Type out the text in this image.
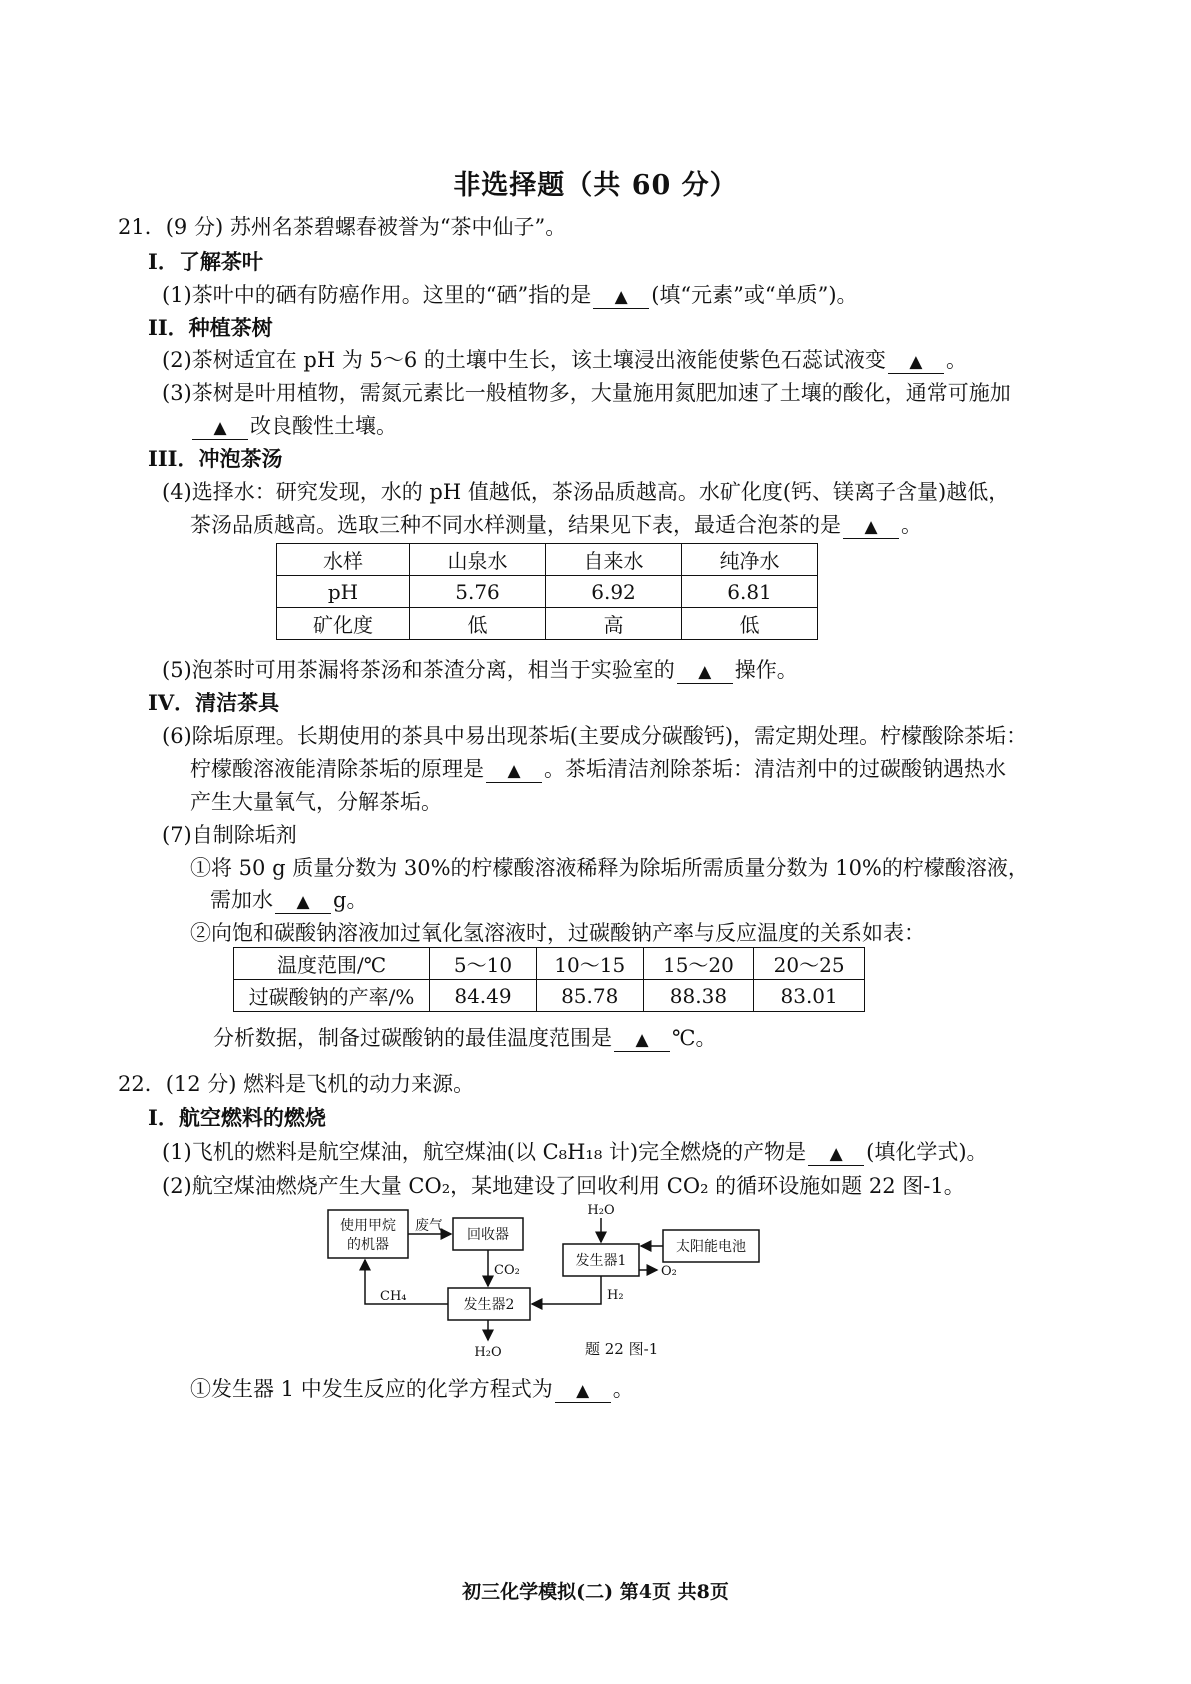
非选择题（共 60 分）
21．(9 分) 苏州名茶碧螺春被誉为“茶中仙子”。
I．了解茶叶
(1)茶叶中的硒有防癌作用。这里的“硒”指的是 ▲	(填“元素”或“单质”)。
II．种植茶树
(2)茶树适宜在 pH 为 5～6 的土壤中生长，该土壤浸出液能使紫色石蕊试液变 ▲	。
(3)茶树是叶用植物，需氮元素比一般植物多，大量施用氮肥加速了土壤的酸化，通常可施加
▲改良酸性土壤。
III．冲泡茶汤
(4)选择水：研究发现，水的 pH 值越低，茶汤品质越高。水矿化度(钙、镁离子含量)越低，
茶汤品质越高。选取三种不同水样测量，结果见下表，最适合泡茶的是 ▲	。
水样	山泉水	自来水	纯净水
pH	5.76	6.92	6.81
矿化度	低	高	低
(5)泡茶时可用茶漏将茶汤和茶渣分离，相当于实验室的 ▲	操作。
IV．清洁茶具
(6)除垢原理。长期使用的茶具中易出现茶垢(主要成分碳酸钙)，需定期处理。柠檬酸除茶垢：
柠檬酸溶液能清除茶垢的原理是 ▲	。茶垢清洁剂除茶垢：清洁剂中的过碳酸钠遇热水
产生大量氧气，分解茶垢。
(7)自制除垢剂
①将 50 g 质量分数为 30%的柠檬酸溶液稀释为除垢所需质量分数为 10%的柠檬酸溶液，
需加水 ▲	g。
②向饱和碳酸钠溶液加过氧化氢溶液时，过碳酸钠产率与反应温度的关系如表：
温度范围/℃	5～10	10～15	15～20	20～25
过碳酸钠的产率/%	84.49	85.78	88.38	83.01
分析数据，制备过碳酸钠的最佳温度范围是 ▲	℃。
22．(12 分) 燃料是飞机的动力来源。
I．航空燃料的燃烧
(1)飞机的燃料是航空煤油，航空煤油(以 C₈H₁₈ 计)完全燃烧的产物是 ▲	(填化学式)。
(2)航空煤油燃烧产生大量 CO₂，某地建设了回收利用 CO₂ 的循环设施如题 22 图-1。
使用甲烷
的机器
回收器
发生器1
太阳能电池
发生器2
废气
CO₂
H₂O
O₂
H₂
CH₄
H₂O	题 22 图-1
①发生器 1 中发生反应的化学方程式为 ▲	。
初三化学模拟(二) 第4页 共8页
